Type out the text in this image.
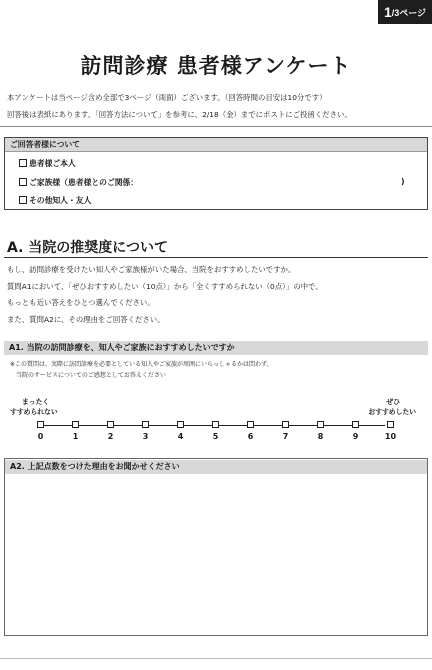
1 /3ページ
訪問診療 患者様アンケート
本アンケートは当ページ含め全部で3ページ（両面）ございます。（回答時間の目安は10分です）
回答後は表紙にあります、「回答方法について」を参考に、2/18（金）までにポストにご投函ください。
ご回答者様について
患者様ご本人
ご家族様（患者様とのご関係：	)
その他知人・友人
A. 当院の推奨度について
もし、訪問診療を受けたい知人やご家族様がいた場合、当院をおすすめしたいですか。
質問A1において、「ぜひおすすめしたい（10点）」から「全くすすめられない（0点）」の中で、
もっとも近い答えをひとつ選んでください。
また、質問A2に、その理由をご回答ください。
A1. 当院の訪問診療を、知人やご家族におすすめしたいですか
※この質問は、実際に訪問診療を必要としている知人やご家族が周囲にいらっしゃるかは問わず、
　当院のサービスについてのご感想としてお答えください
まったく
すすめられない
ぜひ
おすすめしたい
0	1	2	3	4	5	6	7	8	9	10
A2. 上記点数をつけた理由をお聞かせください
